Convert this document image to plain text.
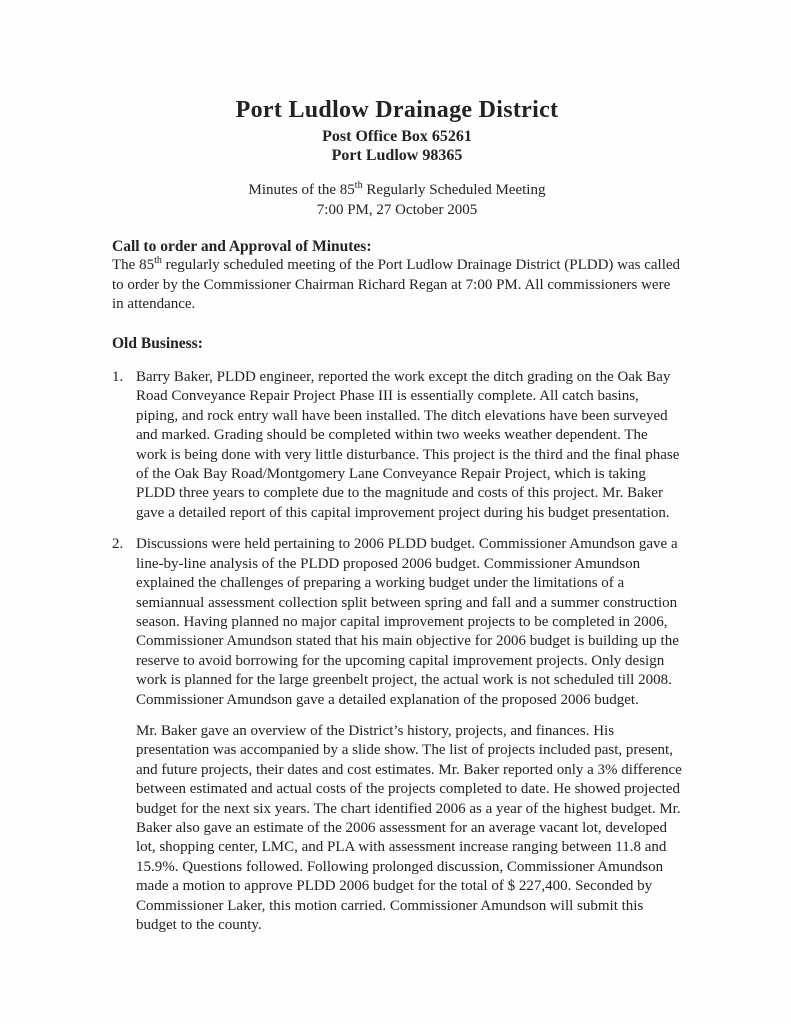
Port Ludlow Drainage District
Post Office Box 65261
Port Ludlow 98365
Minutes of the 85th Regularly Scheduled Meeting
7:00 PM, 27 October 2005
Call to order and Approval of Minutes:
The 85th regularly scheduled meeting of the Port Ludlow Drainage District (PLDD) was called to order by the Commissioner Chairman Richard Regan at 7:00 PM. All commissioners were in attendance.
Old Business:
1. Barry Baker, PLDD engineer, reported the work except the ditch grading on the Oak Bay Road Conveyance Repair Project Phase III is essentially complete. All catch basins, piping, and rock entry wall have been installed. The ditch elevations have been surveyed and marked. Grading should be completed within two weeks weather dependent. The work is being done with very little disturbance. This project is the third and the final phase of the Oak Bay Road/Montgomery Lane Conveyance Repair Project, which is taking PLDD three years to complete due to the magnitude and costs of this project. Mr. Baker gave a detailed report of this capital improvement project during his budget presentation.
2. Discussions were held pertaining to 2006 PLDD budget. Commissioner Amundson gave a line-by-line analysis of the PLDD proposed 2006 budget. Commissioner Amundson explained the challenges of preparing a working budget under the limitations of a semiannual assessment collection split between spring and fall and a summer construction season. Having planned no major capital improvement projects to be completed in 2006, Commissioner Amundson stated that his main objective for 2006 budget is building up the reserve to avoid borrowing for the upcoming capital improvement projects. Only design work is planned for the large greenbelt project, the actual work is not scheduled till 2008. Commissioner Amundson gave a detailed explanation of the proposed 2006 budget.
Mr. Baker gave an overview of the District’s history, projects, and finances. His presentation was accompanied by a slide show. The list of projects included past, present, and future projects, their dates and cost estimates. Mr. Baker reported only a 3% difference between estimated and actual costs of the projects completed to date. He showed projected budget for the next six years. The chart identified 2006 as a year of the highest budget. Mr. Baker also gave an estimate of the 2006 assessment for an average vacant lot, developed lot, shopping center, LMC, and PLA with assessment increase ranging between 11.8 and 15.9%. Questions followed. Following prolonged discussion, Commissioner Amundson made a motion to approve PLDD 2006 budget for the total of $ 227,400. Seconded by Commissioner Laker, this motion carried. Commissioner Amundson will submit this budget to the county.
